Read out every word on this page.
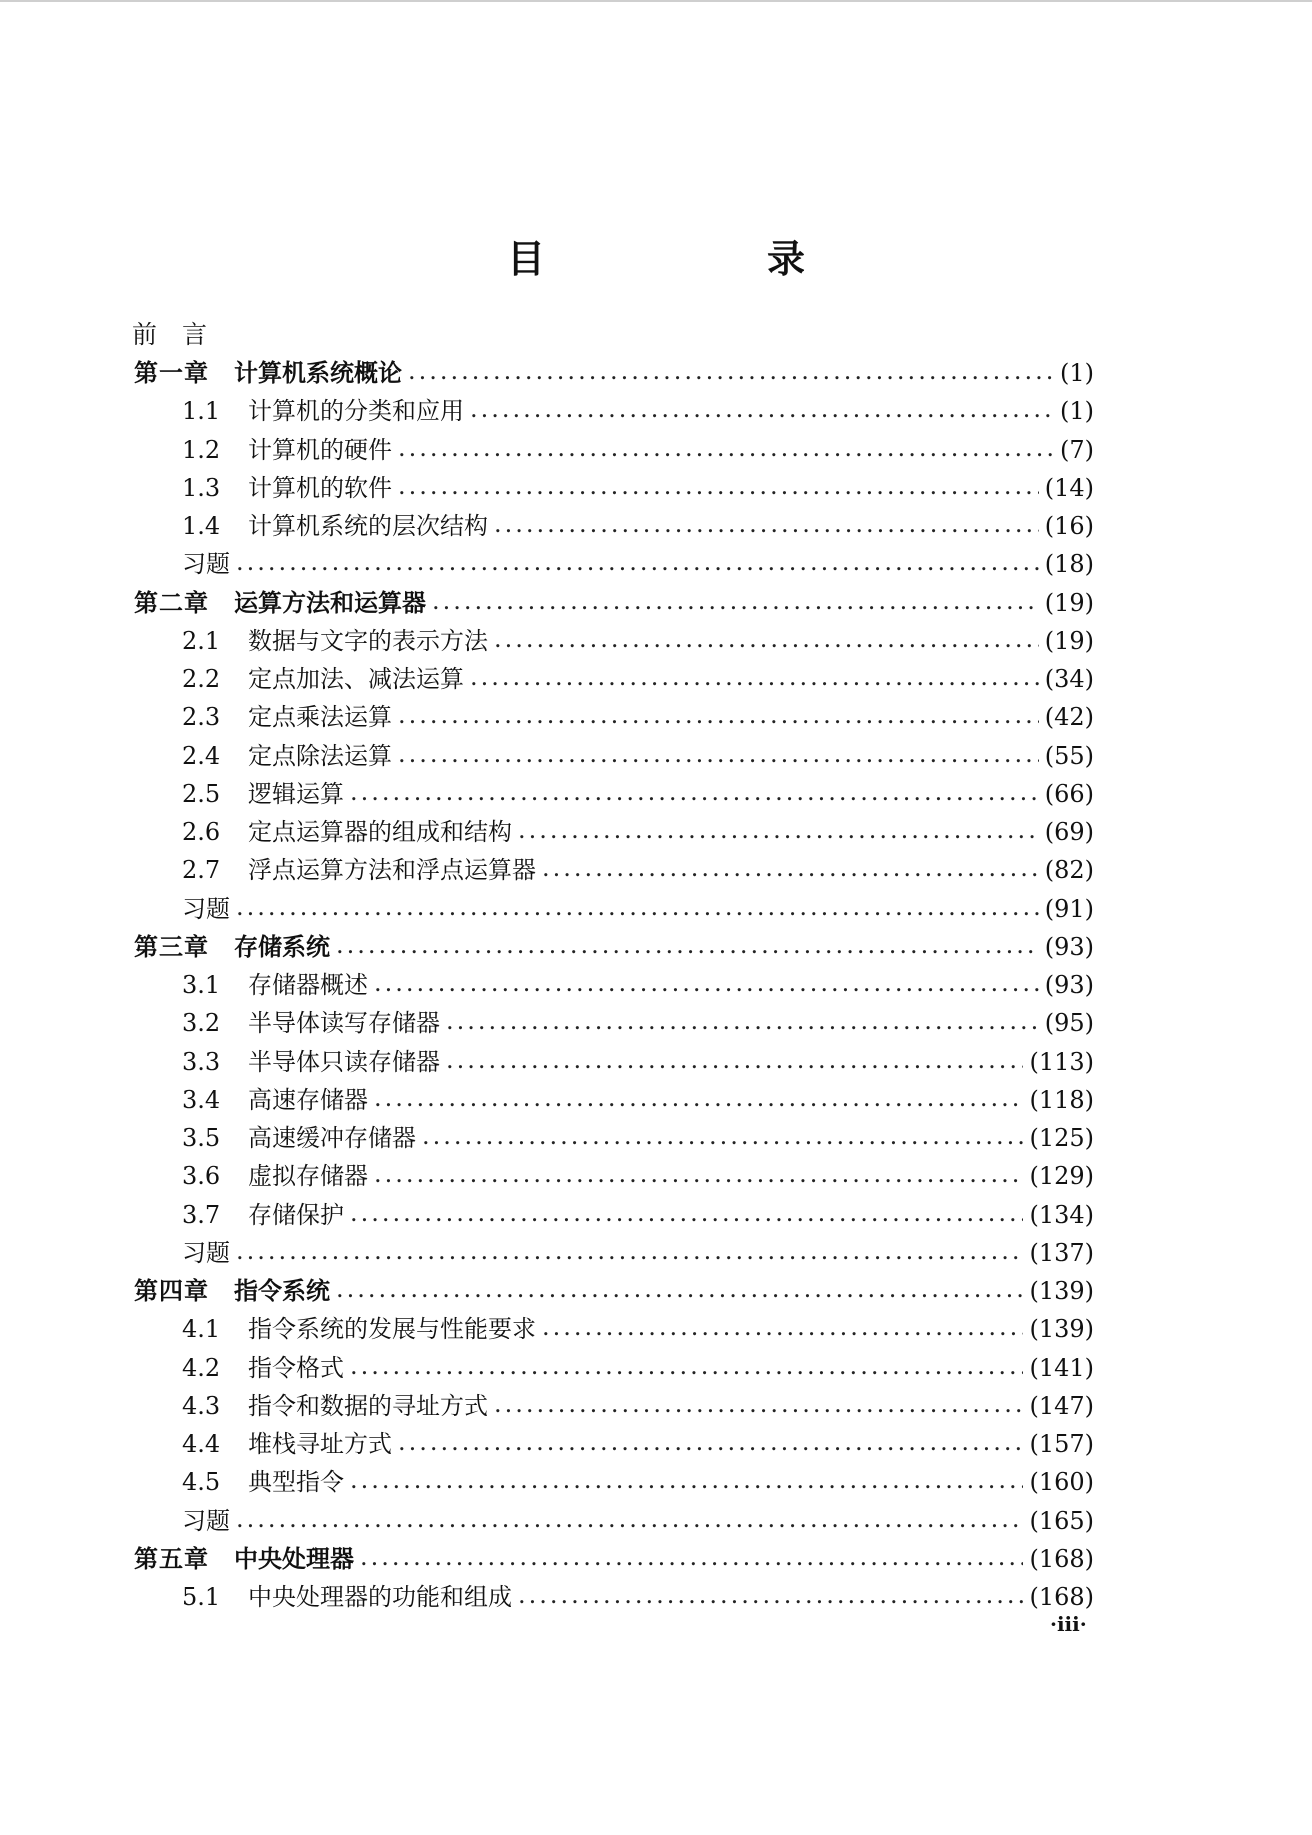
目　录
前　言
第一章	计算机系统概论 .....	(1)
1.1	计算机的分类和应用 .....	(1)
1.2	计算机的硬件 .....	(7)
1.3	计算机的软件 .....	(14)
1.4	计算机系统的层次结构 .....	(16)
习题 .....	(18)
第二章	运算方法和运算器 .....	(19)
2.1	数据与文字的表示方法 .....	(19)
2.2	定点加法、减法运算 .....	(34)
2.3	定点乘法运算 .....	(42)
2.4	定点除法运算 .....	(55)
2.5	逻辑运算 .....	(66)
2.6	定点运算器的组成和结构 .....	(69)
2.7	浮点运算方法和浮点运算器 .....	(82)
习题 .....	(91)
第三章	存储系统 .....	(93)
3.1	存储器概述 .....	(93)
3.2	半导体读写存储器 .....	(95)
3.3	半导体只读存储器 .....	(113)
3.4	高速存储器 .....	(118)
3.5	高速缓冲存储器 .....	(125)
3.6	虚拟存储器 .....	(129)
3.7	存储保护 .....	(134)
习题 .....	(137)
第四章	指令系统 .....	(139)
4.1	指令系统的发展与性能要求 .....	(139)
4.2	指令格式 .....	(141)
4.3	指令和数据的寻址方式 .....	(147)
4.4	堆栈寻址方式 .....	(157)
4.5	典型指令 .....	(160)
习题 .....	(165)
第五章	中央处理器 .....	(168)
5.1	中央处理器的功能和组成 .....	(168)
·iii·
